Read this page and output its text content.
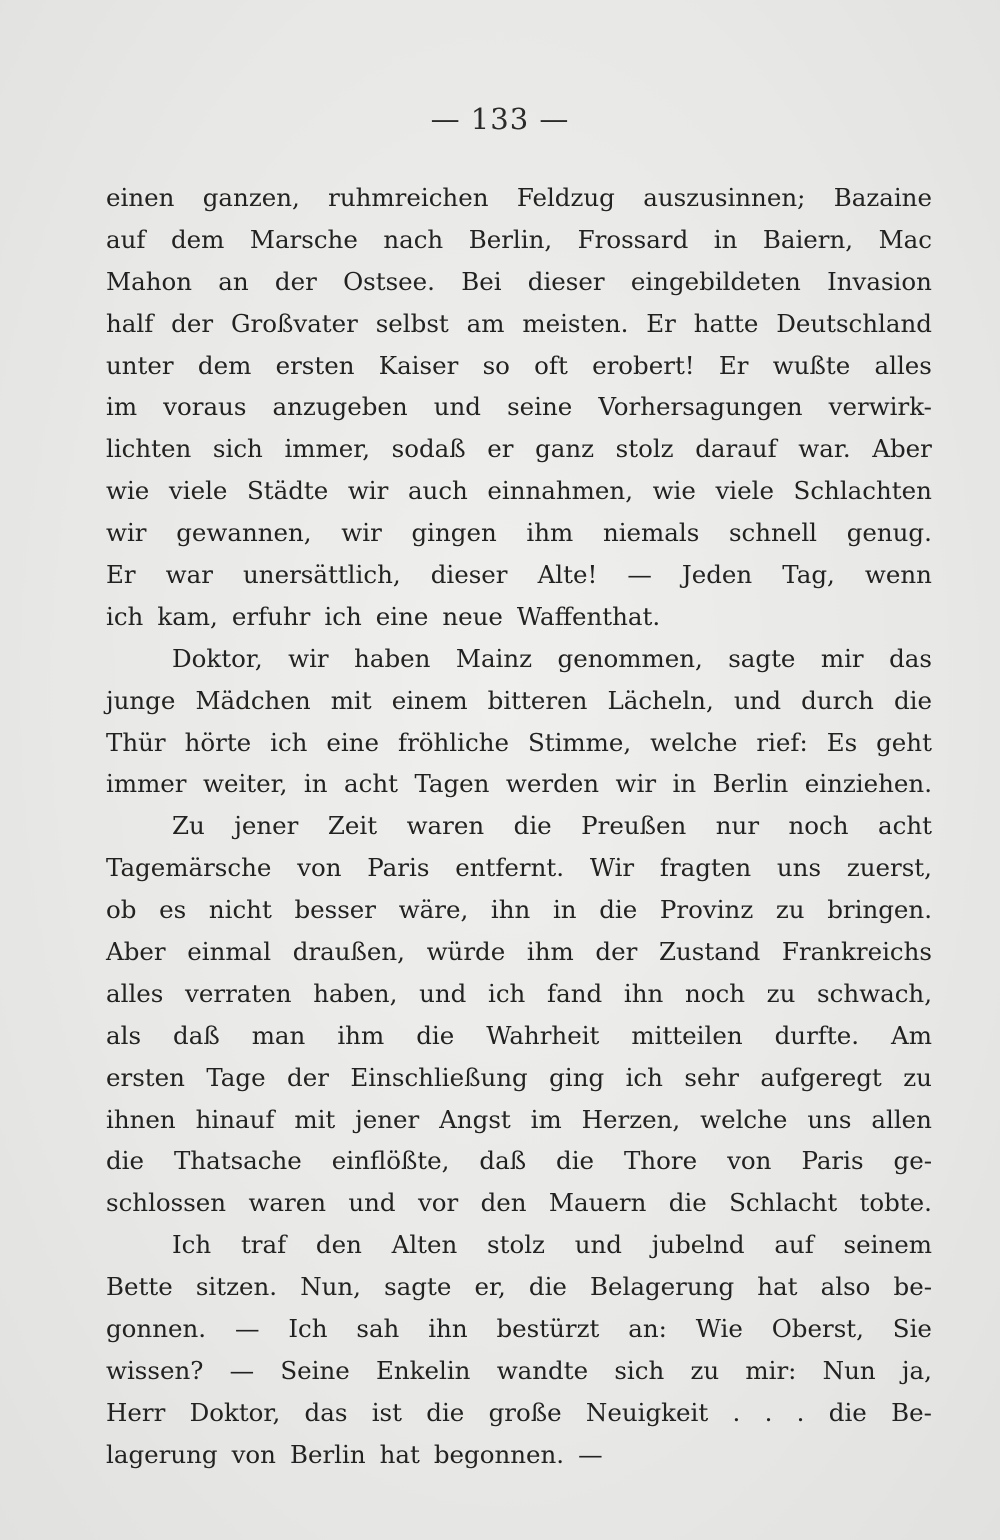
— 133 —
einen ganzen, ruhmreichen Feldzug auszusinnen; Bazaine
auf dem Marsche nach Berlin, Frossard in Baiern, Mac
Mahon an der Ostsee. Bei dieser eingebildeten Invasion
half der Großvater selbst am meisten. Er hatte Deutschland
unter dem ersten Kaiser so oft erobert! Er wußte alles
im voraus anzugeben und seine Vorhersagungen verwirk-
lichten sich immer, sodaß er ganz stolz darauf war. Aber
wie viele Städte wir auch einnahmen, wie viele Schlachten
wir gewannen, wir gingen ihm niemals schnell genug.
Er war unersättlich, dieser Alte! — Jeden Tag, wenn
ich kam, erfuhr ich eine neue Waffenthat.
Doktor, wir haben Mainz genommen, sagte mir das
junge Mädchen mit einem bitteren Lächeln, und durch die
Thür hörte ich eine fröhliche Stimme, welche rief: Es geht
immer weiter, in acht Tagen werden wir in Berlin einziehen.
Zu jener Zeit waren die Preußen nur noch acht
Tagemärsche von Paris entfernt. Wir fragten uns zuerst,
ob es nicht besser wäre, ihn in die Provinz zu bringen.
Aber einmal draußen, würde ihm der Zustand Frankreichs
alles verraten haben, und ich fand ihn noch zu schwach,
als daß man ihm die Wahrheit mitteilen durfte. Am
ersten Tage der Einschließung ging ich sehr aufgeregt zu
ihnen hinauf mit jener Angst im Herzen, welche uns allen
die Thatsache einflößte, daß die Thore von Paris ge-
schlossen waren und vor den Mauern die Schlacht tobte.
Ich traf den Alten stolz und jubelnd auf seinem
Bette sitzen. Nun, sagte er, die Belagerung hat also be-
gonnen. — Ich sah ihn bestürzt an: Wie Oberst, Sie
wissen? — Seine Enkelin wandte sich zu mir: Nun ja,
Herr Doktor, das ist die große Neuigkeit . . . die Be-
lagerung von Berlin hat begonnen. —
